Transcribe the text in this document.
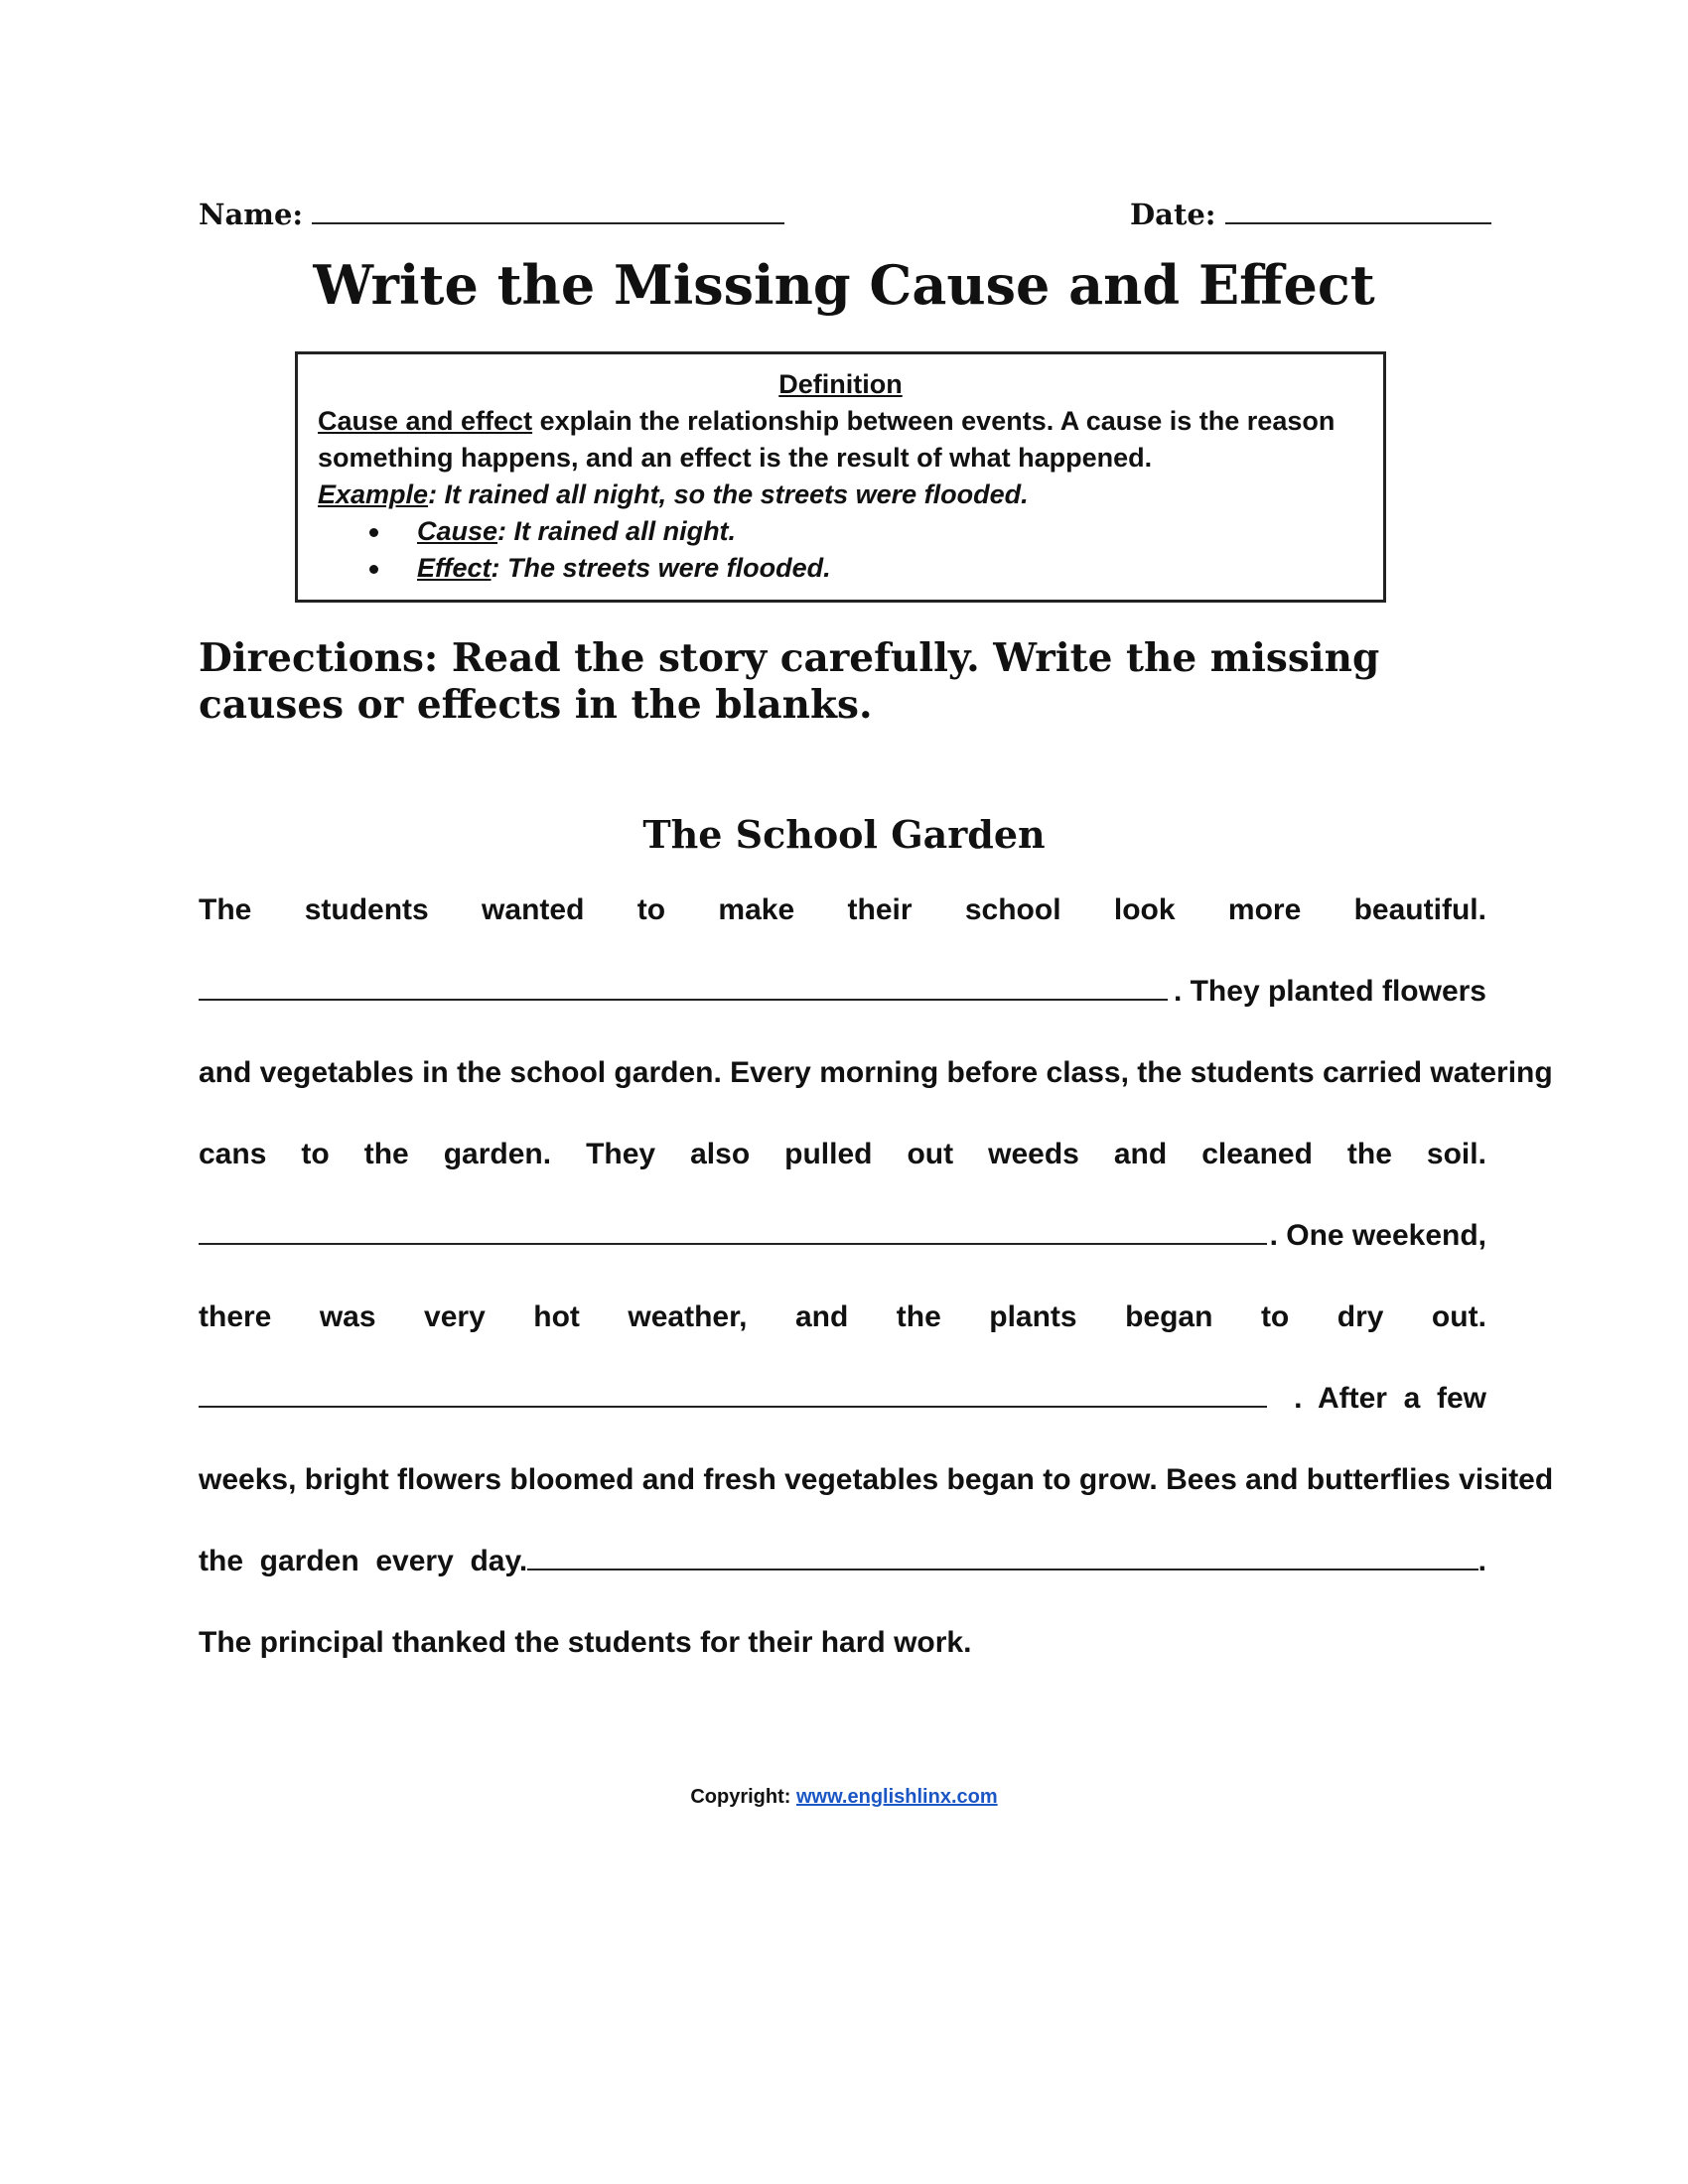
Name:	Date:
Write the Missing Cause and Effect
Definition
Cause and effect explain the relationship between events. A cause is the reason
something happens, and an effect is the result of what happened.
Example: It rained all night, so the streets were flooded.
Cause: It rained all night.
Effect: The streets were flooded.
Directions: Read the story carefully. Write the missing causes or effects in the blanks.
The School Garden
The students wanted to make their school look more beautiful.
. They planted flowers
and vegetables in the school garden. Every morning before class, the students carried watering
cans to the garden. They also pulled out weeds and cleaned the soil.
. One weekend,
there was very hot weather, and the plants began to dry out.
.  After  a  few
weeks, bright flowers bloomed and fresh vegetables began to grow. Bees and butterflies visited
the  garden  every  day.	.
The principal thanked the students for their hard work.
Copyright: www.englishlinx.com
